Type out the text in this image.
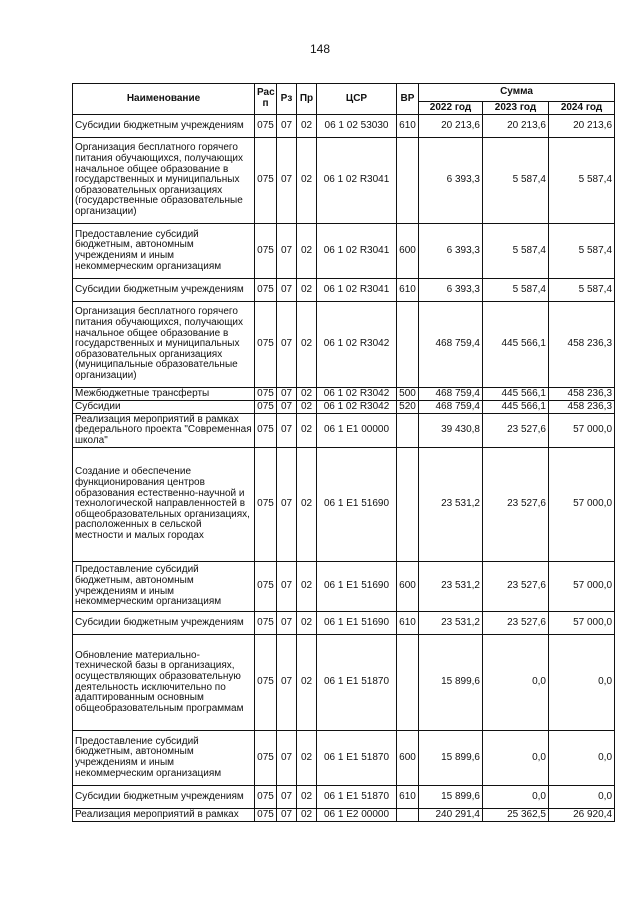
148
Наименование	Рас п	Рз	Пр	ЦСР	ВР	Сумма		
						2022 год	2023 год	2024 год
Субсидии бюджетным учреждениям	075	07	02	06 1 02 53030	610	20 213,6	20 213,6	20 213,6
Организация бесплатного горячего питания обучающихся, получающих начальное общее образование в государственных и муниципальных образовательных организациях (государственные образовательные организации)	075	07	02	06 1 02 R3041		6 393,3	5 587,4	5 587,4
Предоставление субсидий бюджетным, автономным учреждениям и иным некоммерческим организациям	075	07	02	06 1 02 R3041	600	6 393,3	5 587,4	5 587,4
Субсидии бюджетным учреждениям	075	07	02	06 1 02 R3041	610	6 393,3	5 587,4	5 587,4
Организация бесплатного горячего питания обучающихся, получающих начальное общее образование в государственных и муниципальных образовательных организациях (муниципальные образовательные организации)	075	07	02	06 1 02 R3042		468 759,4	445 566,1	458 236,3
Межбюджетные трансферты	075	07	02	06 1 02 R3042	500	468 759,4	445 566,1	458 236,3
Субсидии	075	07	02	06 1 02 R3042	520	468 759,4	445 566,1	458 236,3
Реализация мероприятий в рамках федерального проекта "Современная школа"	075	07	02	06 1 E1 00000		39 430,8	23 527,6	57 000,0
Создание и обеспечение функционирования центров образования естественно-научной и технологической направленностей в общеобразовательных организациях, расположенных в сельской местности и малых городах	075	07	02	06 1 E1 51690		23 531,2	23 527,6	57 000,0
Предоставление субсидий бюджетным, автономным учреждениям и иным некоммерческим организациям	075	07	02	06 1 E1 51690	600	23 531,2	23 527,6	57 000,0
Субсидии бюджетным учреждениям	075	07	02	06 1 E1 51690	610	23 531,2	23 527,6	57 000,0
Обновление материально-технической базы в организациях, осуществляющих образовательную деятельность исключительно по адаптированным основным общеобразовательным программам	075	07	02	06 1 E1 51870		15 899,6	0,0	0,0
Предоставление субсидий бюджетным, автономным учреждениям и иным некоммерческим организациям	075	07	02	06 1 E1 51870	600	15 899,6	0,0	0,0
Субсидии бюджетным учреждениям	075	07	02	06 1 E1 51870	610	15 899,6	0,0	0,0
Реализация мероприятий в рамках	075	07	02	06 1 E2 00000		240 291,4	25 362,5	26 920,4
